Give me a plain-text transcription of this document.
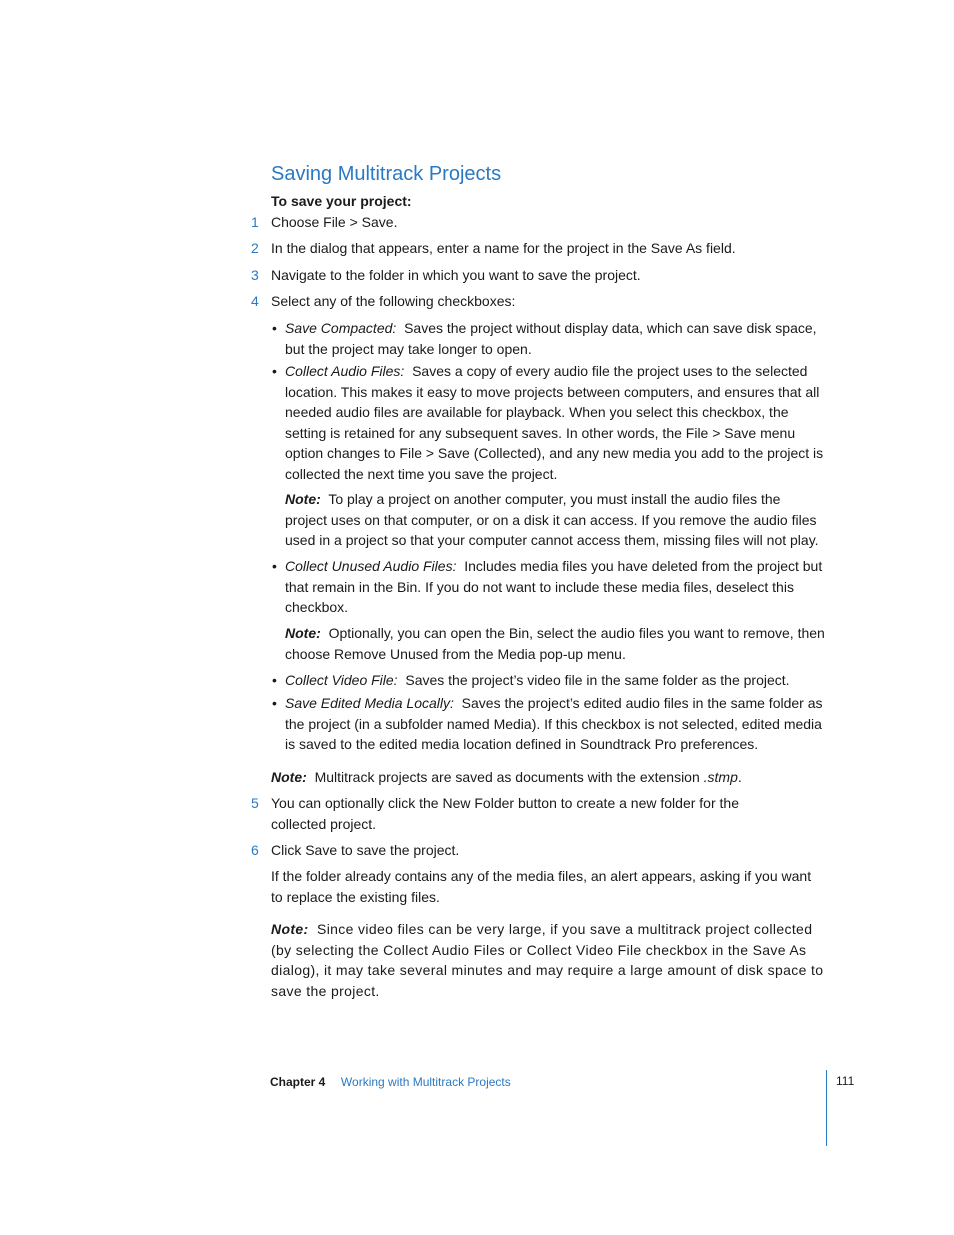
Saving Multitrack Projects
To save your project:
1 Choose File > Save.
2 In the dialog that appears, enter a name for the project in the Save As field.
3 Navigate to the folder in which you want to save the project.
4 Select any of the following checkboxes:
• Save Compacted: Saves the project without display data, which can save disk space, but the project may take longer to open.
• Collect Audio Files: Saves a copy of every audio file the project uses to the selected location. This makes it easy to move projects between computers, and ensures that all needed audio files are available for playback. When you select this checkbox, the setting is retained for any subsequent saves. In other words, the File > Save menu option changes to File > Save (Collected), and any new media you add to the project is collected the next time you save the project.
Note: To play a project on another computer, you must install the audio files the project uses on that computer, or on a disk it can access. If you remove the audio files used in a project so that your computer cannot access them, missing files will not play.
• Collect Unused Audio Files: Includes media files you have deleted from the project but that remain in the Bin. If you do not want to include these media files, deselect this checkbox.
Note: Optionally, you can open the Bin, select the audio files you want to remove, then choose Remove Unused from the Media pop-up menu.
• Collect Video File: Saves the project’s video file in the same folder as the project.
• Save Edited Media Locally: Saves the project’s edited audio files in the same folder as the project (in a subfolder named Media). If this checkbox is not selected, edited media is saved to the edited media location defined in Soundtrack Pro preferences.
Note: Multitrack projects are saved as documents with the extension .stmp.
5 You can optionally click the New Folder button to create a new folder for the collected project.
6 Click Save to save the project.
If the folder already contains any of the media files, an alert appears, asking if you want to replace the existing files.
Note: Since video files can be very large, if you save a multitrack project collected (by selecting the Collect Audio Files or Collect Video File checkbox in the Save As dialog), it may take several minutes and may require a large amount of disk space to save the project.
Chapter 4 Working with Multitrack Projects	111
